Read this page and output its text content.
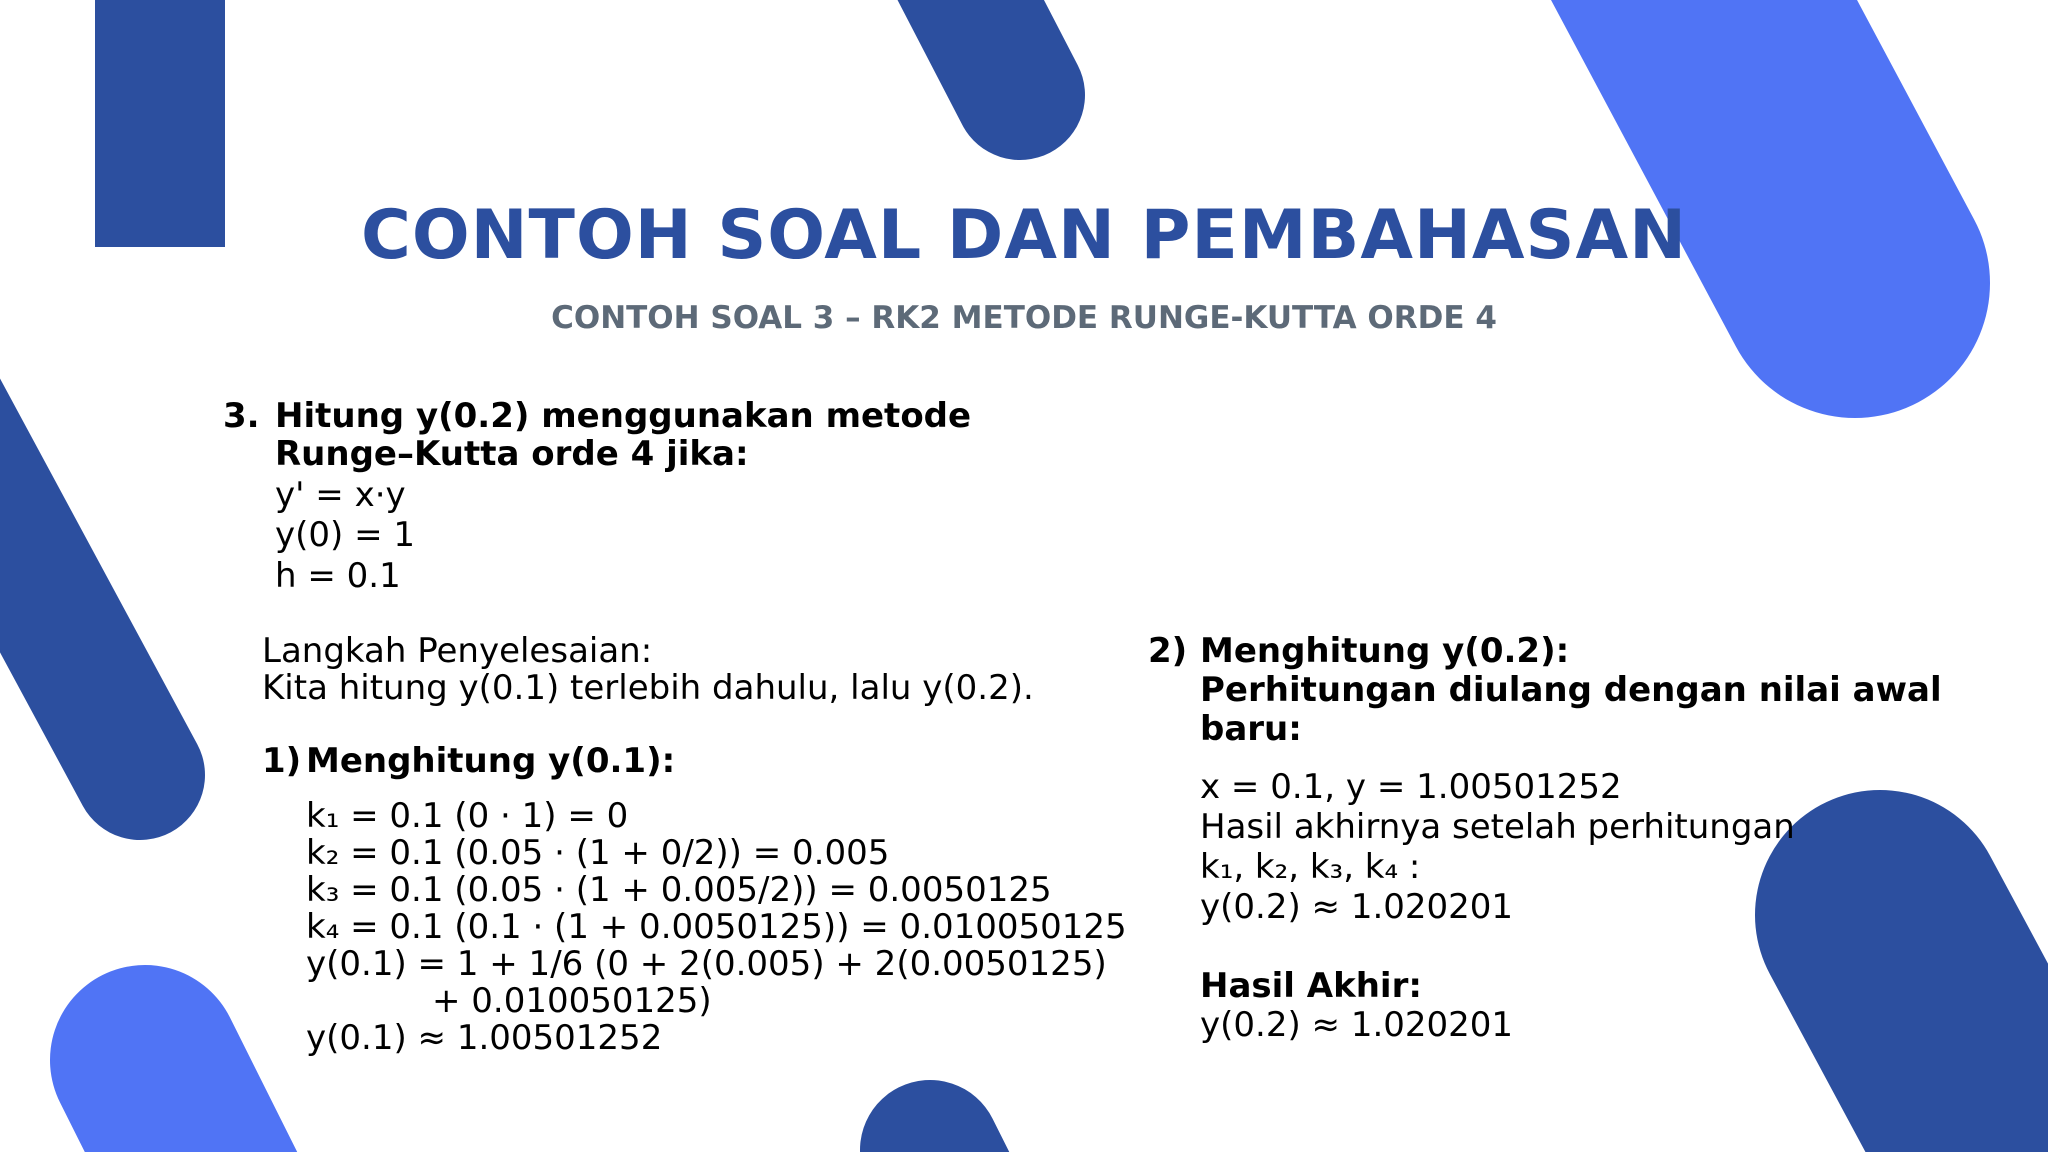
CONTOH SOAL DAN PEMBAHASAN
CONTOH SOAL 3 – RK2 METODE RUNGE-KUTTA ORDE 4
3. Hitung y(0.2) menggunakan metode
Runge–Kutta orde 4 jika:
y' = x·y
y(0) = 1
h = 0.1
Langkah Penyelesaian:
Kita hitung y(0.1) terlebih dahulu, lalu y(0.2).
1) Menghitung y(0.1):
k₁ = 0.1 (0 · 1) = 0
k₂ = 0.1 (0.05 · (1 + 0/2)) = 0.005
k₃ = 0.1 (0.05 · (1 + 0.005/2)) = 0.0050125
k₄ = 0.1 (0.1 · (1 + 0.0050125)) = 0.010050125
y(0.1) = 1 + 1/6 (0 + 2(0.005) + 2(0.0050125)
+ 0.010050125)
y(0.1) ≈ 1.00501252
2) Menghitung y(0.2):
Perhitungan diulang dengan nilai awal
baru:
x = 0.1, y = 1.00501252
Hasil akhirnya setelah perhitungan
k₁, k₂, k₃, k₄ :
y(0.2) ≈ 1.020201
Hasil Akhir:
y(0.2) ≈ 1.020201
